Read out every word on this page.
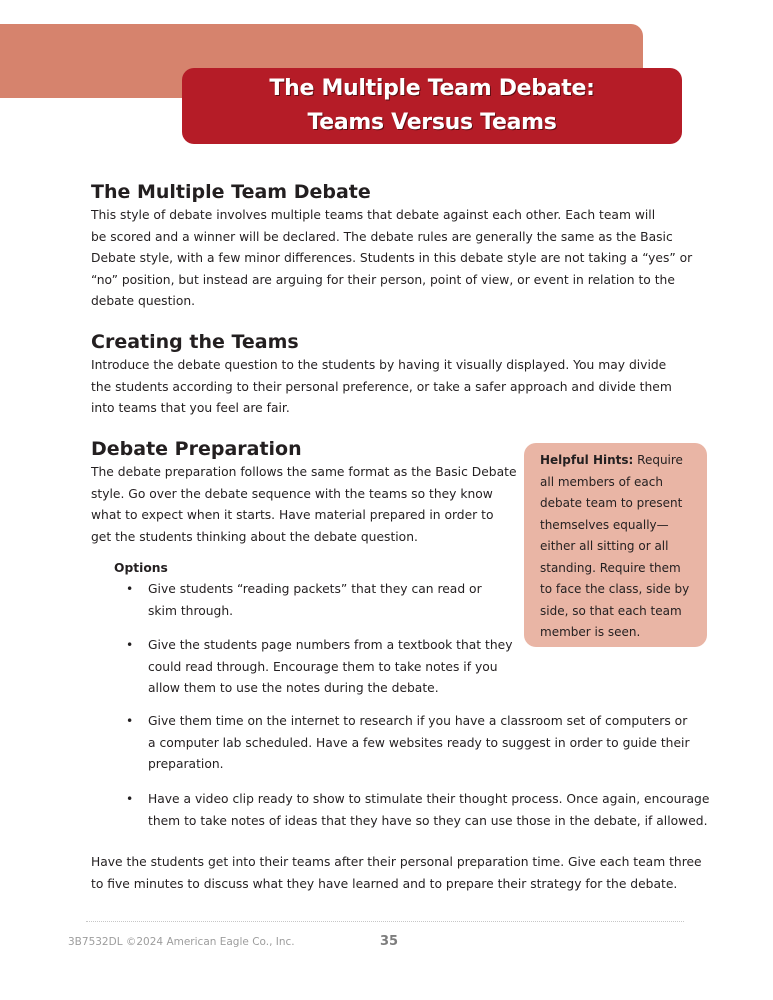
The Multiple Team Debate:
Teams Versus Teams
The Multiple Team Debate

This style of debate involves multiple teams that debate against each other. Each team will
be scored and a winner will be declared. The debate rules are generally the same as the Basic
Debate style, with a few minor differences. Students in this debate style are not taking a “yes” or
“no” position, but instead are arguing for their person, point of view, or event in relation to the
debate question.

Creating the Teams

Introduce the debate question to the students by having it visually displayed. You may divide
the students according to their personal preference, or take a safer approach and divide them
into teams that you feel are fair.

Debate Preparation

The debate preparation follows the same format as the Basic Debate
style. Go over the debate sequence with the teams so they know
what to expect when it starts. Have material prepared in order to
get the students thinking about the debate question.

Options
• Give students “reading packets” that they can read or
skim through.
• Give the students page numbers from a textbook that they
could read through. Encourage them to take notes if you
allow them to use the notes during the debate.
• Give them time on the internet to research if you have a classroom set of computers or
a computer lab scheduled. Have a few websites ready to suggest in order to guide their
preparation.
• Have a video clip ready to show to stimulate their thought process. Once again, encourage
them to take notes of ideas that they have so they can use those in the debate, if allowed.

Have the students get into their teams after their personal preparation time. Give each team three
to five minutes to discuss what they have learned and to prepare their strategy for the debate.

Helpful Hints: Require
all members of each
debate team to present
themselves equally—
either all sitting or all
standing. Require them
to face the class, side by
side, so that each team
member is seen.

3B7532DL ©2024 American Eagle Co., Inc.	35
